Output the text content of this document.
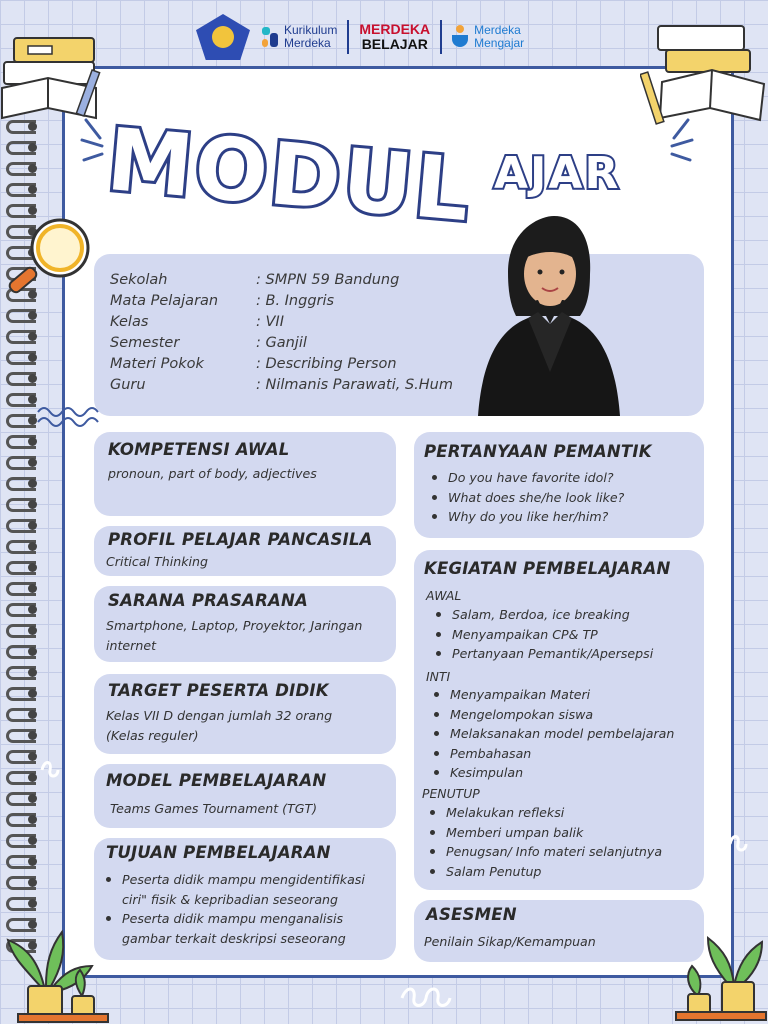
Kurikulum
Merdeka
MERDEKA
BELAJAR
Merdeka
Mengajar
MODUL AJAR
Sekolah	: SMPN 59 Bandung
Mata Pelajaran	: B. Inggris
Kelas	: VII
Semester	: Ganjil
Materi Pokok	: Describing Person
Guru	: Nilmanis Parawati, S.Hum
KOMPETENSI AWAL
pronoun, part of body, adjectives
PROFIL PELAJAR PANCASILA
Critical Thinking
SARANA PRASARANA
Smartphone, Laptop, Proyektor, Jaringan
internet
TARGET PESERTA DIDIK
Kelas VII D dengan jumlah 32 orang
(Kelas reguler)
MODEL PEMBELAJARAN
Teams Games Tournament (TGT)
TUJUAN PEMBELAJARAN
Peserta didik mampu mengidentifikasi ciri" fisik & kepribadian seseorang
Peserta didik mampu menganalisis gambar terkait deskripsi seseorang
PERTANYAAN PEMANTIK
Do you have favorite idol?
What does she/he look like?
Why do you like her/him?
KEGIATAN PEMBELAJARAN
AWAL
Salam, Berdoa, ice breaking
Menyampaikan CP& TP
Pertanyaan Pemantik/Apersepsi
INTI
Menyampaikan Materi
Mengelompokan siswa
Melaksanakan model pembelajaran
Pembahasan
Kesimpulan
PENUTUP
Melakukan refleksi
Memberi umpan balik
Penugsan/ Info materi selanjutnya
Salam Penutup
ASESMEN
Penilain Sikap/Kemampuan
